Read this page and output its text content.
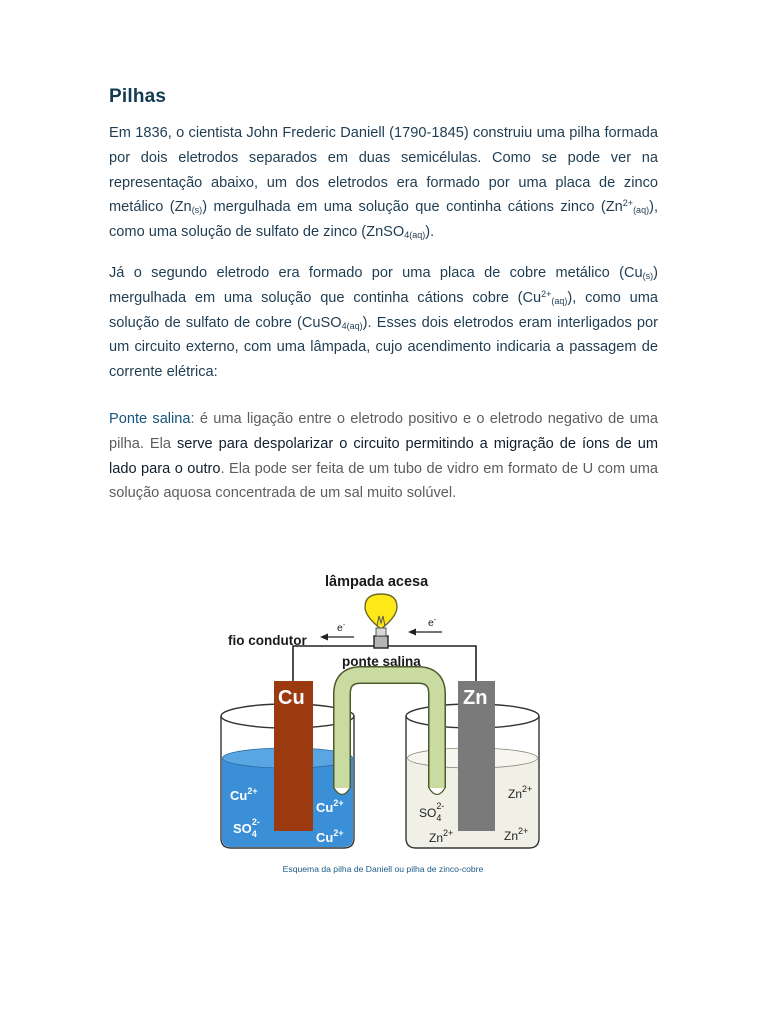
Pilhas

Em 1836, o cientista John Frederic Daniell (1790-1845) construiu uma pilha formada por dois eletrodos separados em duas semicélulas. Como se pode ver na representação abaixo, um dos eletrodos era formado por uma placa de zinco metálico $(Zn_{(s)})$ mergulhada em uma solução que continha cátions zinco $(Zn^{2+}_{(aq)})$, como uma solução de sulfato de zinco (ZnSO$_{4(aq)}$).

Já o segundo eletrodo era formado por uma placa de cobre metálico $(Cu_{(s)})$ mergulhada em uma solução que continha cátions cobre $(Cu^{2+}_{(aq)})$, como uma solução de sulfato de cobre (CuSO$_{4(aq)}$). Esses dois eletrodos eram interligados por um circuito externo, com uma lâmpada, cujo acendimento indicaria a passagem de corrente elétrica:

Ponte salina: é uma ligação entre o eletrodo positivo e o eletrodo negativo de uma pilha. Ela serve para despolarizar o circuito permitindo a migração de íons de um lado para o outro. Ela pode ser feita de um tubo de vidro em formato de U com uma solução aquosa concentrada de um sal muito solúvel.

e-	e-
lâmpada acesa
fio condutor
ponte salina
Cu	Zn
$Cu^{2+}$
$SO_42-$
$Cu^{2+}$
$Cu^{2+}$
$SO_42-$
$Zn^{2+}$
$Zn^{2+}$
$Zn^{2+}$
Esquema da pilha de Daniell ou pilha de zinco-cobre
